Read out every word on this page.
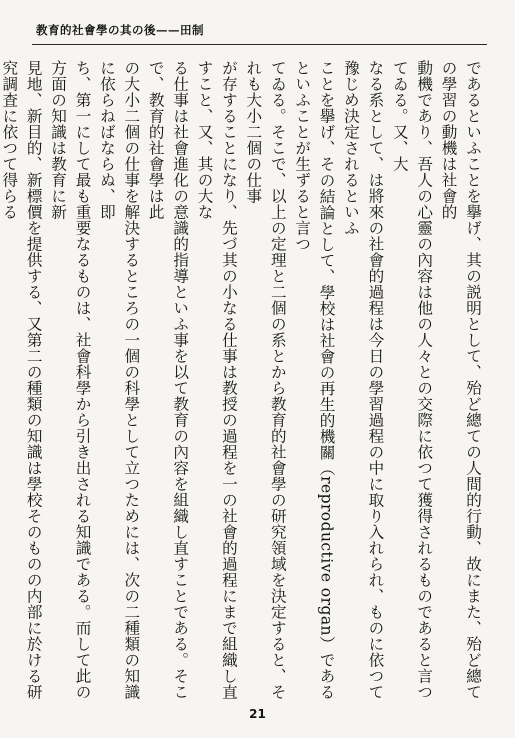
教育的社會學の其の後——田制
であるといふことを擧げ、其の説明として、殆ど總ての人間的行動、故にまた、殆ど總ての學習の動機は社會的
動機であり、吾人の心靈の內容は他の人々との交際に依つて獲得されるものであると言つてゐる。又、大
なる系として、は將來の社會的過程は今日の學習過程の中に取り入れられ、ものに依つて豫じめ決定されるといふ
ことを擧げ、その結論として、學校は社會の再生的機關（reproductive organ）であるといふことが生ずると言つ
てゐる。そこで、以上の定理と二個の系とから教育的社會學の研究領域を決定すると、それも大小二個の仕事
が存することになり、先づ其の小なる仕事は教授の過程を一の社會的過程にまで組織し直すこと、又、其の大な
る仕事は社會進化の意識的指導といふ事を以て教育の內容を組織し直すことである。そこで、教育的社會學は此
の大小二個の仕事を解決するところの一個の科學として立つためには、次の二種類の知識に依らねばならぬ、即
ち、第一にして最も重要なるものは、社會科學から引き出される知識である。而して此の方面の知識は教育に新
見地、新目的、新標價を提供する、又第二の種類の知識は學校そのものの内部に於ける研究調査に依つて得らる
21
